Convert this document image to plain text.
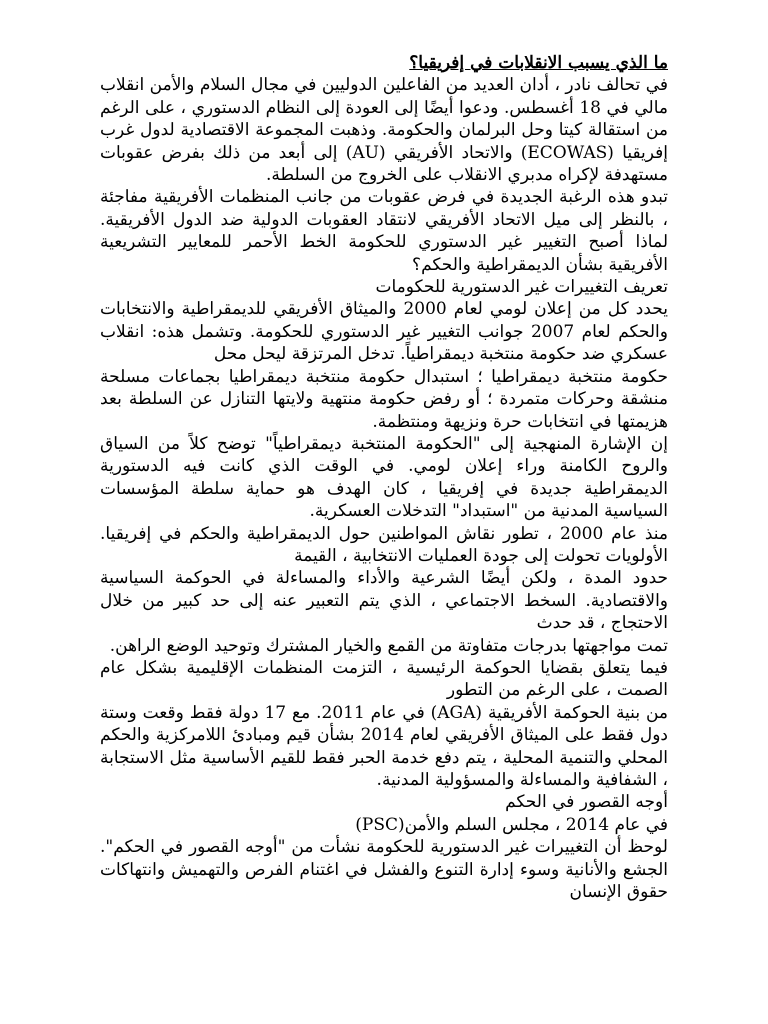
ما الذي يسبب الانقلابات في إفريقيا؟

في تحالف نادر ، أدان العديد من الفاعلين الدوليين في مجال السلام والأمن انقلاب مالي في 18 أغسطس. ودعوا أيضًا إلى العودة إلى النظام الدستوري ، على الرغم من استقالة كيتا وحل البرلمان والحكومة. وذهبت المجموعة الاقتصادية لدول غرب إفريقيا (ECOWAS) والاتحاد الأفريقي (AU) إلى أبعد من ذلك بفرض عقوبات مستهدفة لإكراه مدبري الانقلاب على الخروج من السلطة.

تبدو هذه الرغبة الجديدة في فرض عقوبات من جانب المنظمات الأفريقية مفاجئة ، بالنظر إلى ميل الاتحاد الأفريقي لانتقاد العقوبات الدولية ضد الدول الأفريقية. لماذا أصبح التغيير غير الدستوري للحكومة الخط الأحمر للمعايير التشريعية الأفريقية بشأن الديمقراطية والحكم؟

تعريف التغييرات غير الدستورية للحكومات

يحدد كل من إعلان لومي لعام 2000 والميثاق الأفريقي للديمقراطية والانتخابات والحكم لعام 2007 جوانب التغيير غير الدستوري للحكومة. وتشمل هذه: انقلاب عسكري ضد حكومة منتخبة ديمقراطياً. تدخل المرتزقة ليحل محل

حكومة منتخبة ديمقراطيا ؛ استبدال حكومة منتخبة ديمقراطيا بجماعات مسلحة منشقة وحركات متمردة ؛ أو رفض حكومة منتهية ولايتها التنازل عن السلطة بعد هزيمتها في انتخابات حرة ونزيهة ومنتظمة.

إن الإشارة المنهجية إلى "الحكومة المنتخبة ديمقراطياً" توضح كلاً من السياق والروح الكامنة وراء إعلان لومي. في الوقت الذي كانت فيه الدستورية الديمقراطية جديدة في إفريقيا ، كان الهدف هو حماية سلطة المؤسسات السياسية المدنية من "استبداد" التدخلات العسكرية.

منذ عام 2000 ، تطور نقاش المواطنين حول الديمقراطية والحكم في إفريقيا. الأولويات تحولت إلى جودة العمليات الانتخابية ، القيمة

حدود المدة ، ولكن أيضًا الشرعية والأداء والمساءلة في الحوكمة السياسية والاقتصادية. السخط الاجتماعي ، الذي يتم التعبير عنه إلى حد كبير من خلال الاحتجاج ، قد حدث

تمت مواجهتها بدرجات متفاوتة من القمع والخيار المشترك وتوحيد الوضع الراهن.

فيما يتعلق بقضايا الحوكمة الرئيسية ، التزمت المنظمات الإقليمية بشكل عام الصمت ، على الرغم من التطور

من بنية الحوكمة الأفريقية (AGA) في عام 2011. مع 17 دولة فقط وقعت وستة دول فقط على الميثاق الأفريقي لعام 2014 بشأن قيم ومبادئ اللامركزية والحكم المحلي والتنمية المحلية ، يتم دفع خدمة الحبر فقط للقيم الأساسية مثل الاستجابة ، الشفافية والمساءلة والمسؤولية المدنية.

أوجه القصور في الحكم

في عام 2014 ، مجلس السلم والأمن(PSC)

لوحظ أن التغييرات غير الدستورية للحكومة نشأت من "أوجه القصور في الحكم". الجشع والأنانية وسوء إدارة التنوع والفشل في اغتنام الفرص والتهميش وانتهاكات حقوق الإنسان
